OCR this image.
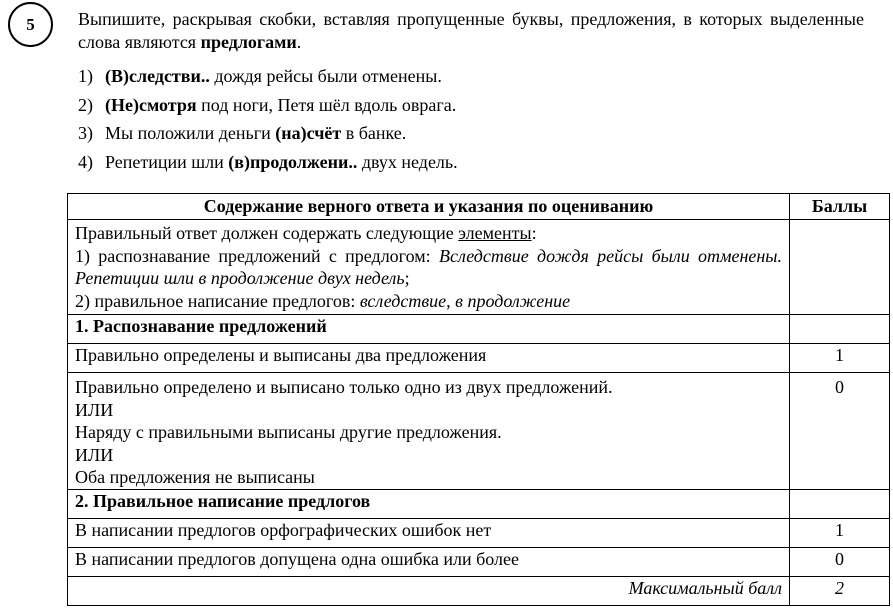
5	Выпишите, раскрывая скобки, вставляя пропущенные буквы, предложения, в которых выделенные слова являются предлогами.
1) (В)следстви.. дождя рейсы были отменены.
2) (Не)смотря под ноги, Петя шёл вдоль оврага.
3) Мы положили деньги (на)счёт в банке.
4) Репетиции шли (в)продолжени.. двух недель.
Содержание верного ответа и указания по оцениванию	Баллы

Правильный ответ должен содержать следующие элементы:
1) распознавание предложений с предлогом: Вследствие дождя рейсы были отменены. Репетиции шли в продолжение двух недель;
2) правильное написание предлогов: вследствие, в продолжение	

1. Распознавание предложений	
Правильно определены и выписаны два предложения	1

Правильно определено и выписано только одно из двух предложений.
ИЛИ
Наряду с правильными выписаны другие предложения.
ИЛИ
Оба предложения не выписаны	0
2. Правильное написание предлогов	
В написании предлогов орфографических ошибок нет	1
В написании предлогов допущена одна ошибка или более	0
Максимальный балл	2
